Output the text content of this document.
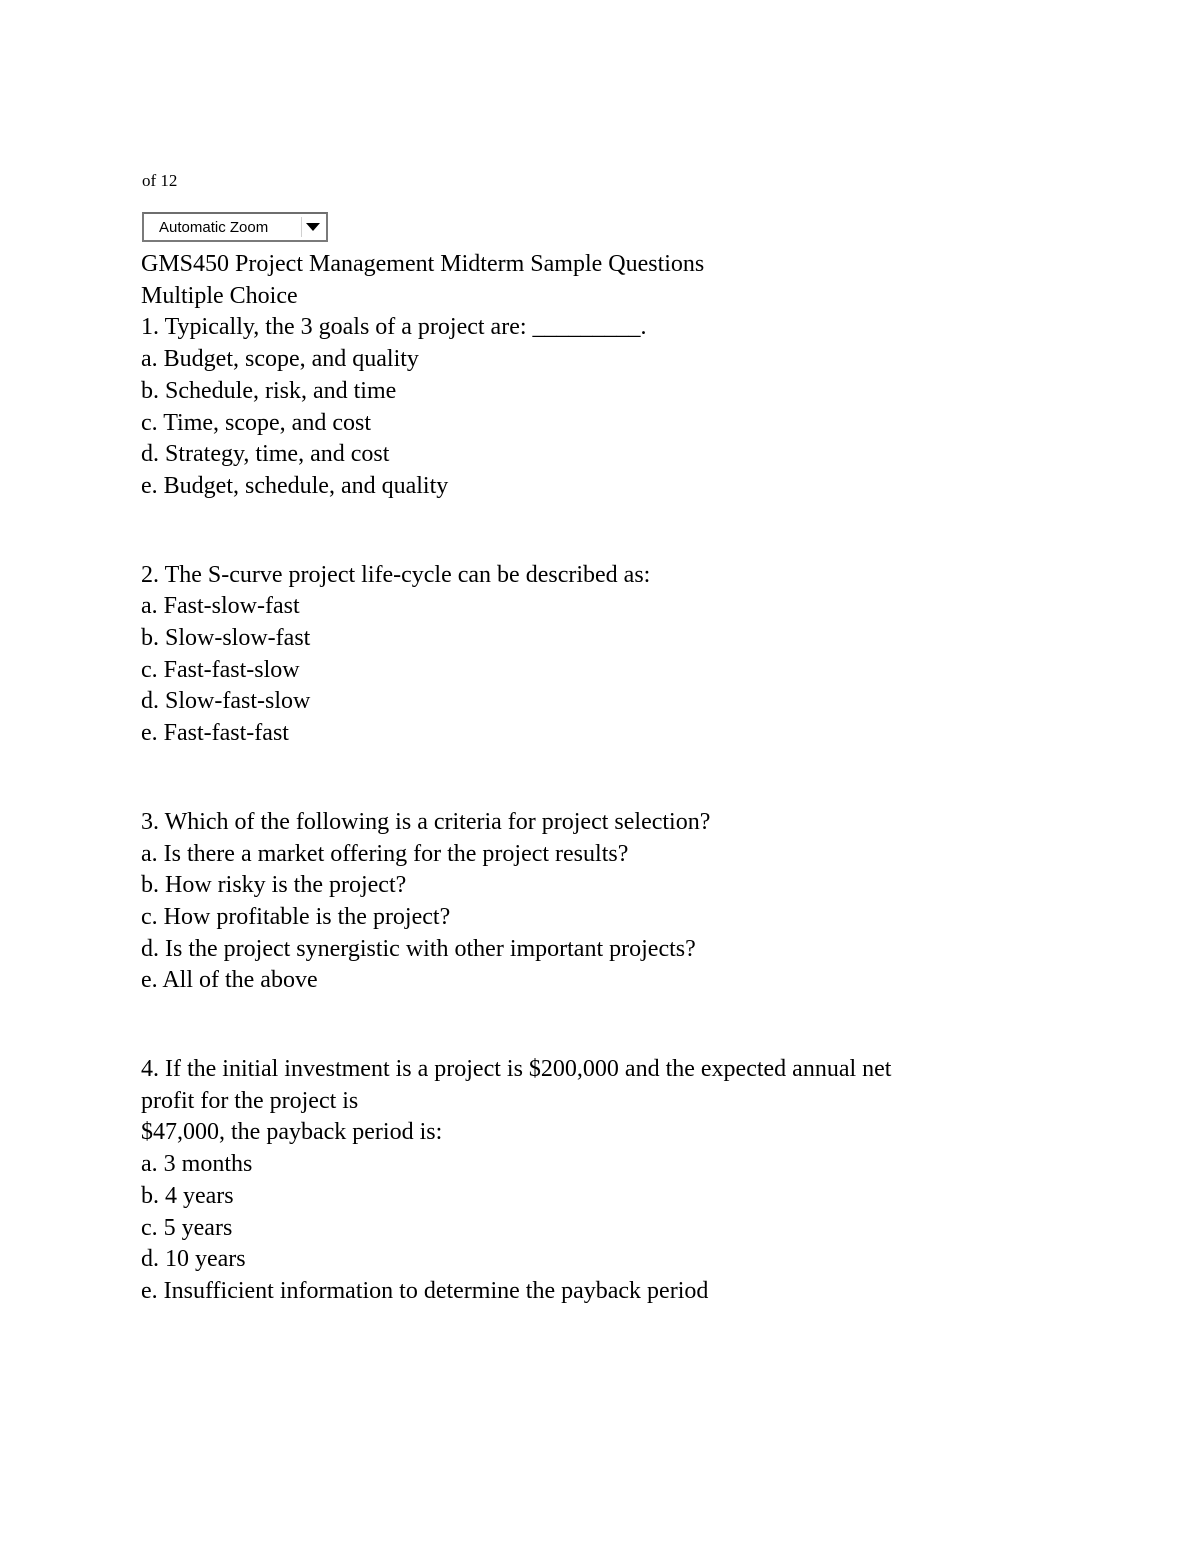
of 12
Automatic Zoom

GMS450 Project Management Midterm Sample Questions

Multiple Choice

1. Typically, the 3 goals of a project are: _________.

a. Budget, scope, and quality

b. Schedule, risk, and time

c. Time, scope, and cost

d. Strategy, time, and cost

e. Budget, schedule, and quality

2. The S-curve project life-cycle can be described as:

a. Fast-slow-fast

b. Slow-slow-fast

c. Fast-fast-slow

d. Slow-fast-slow

e. Fast-fast-fast

3. Which of the following is a criteria for project selection?

a. Is there a market offering for the project results?

b. How risky is the project?

c. How profitable is the project?

d. Is the project synergistic with other important projects?

e. All of the above

4. If the initial investment is a project is $200,000 and the expected annual net

profit for the project is

$47,000, the payback period is:

a. 3 months

b. 4 years

c. 5 years

d. 10 years

e. Insufficient information to determine the payback period
